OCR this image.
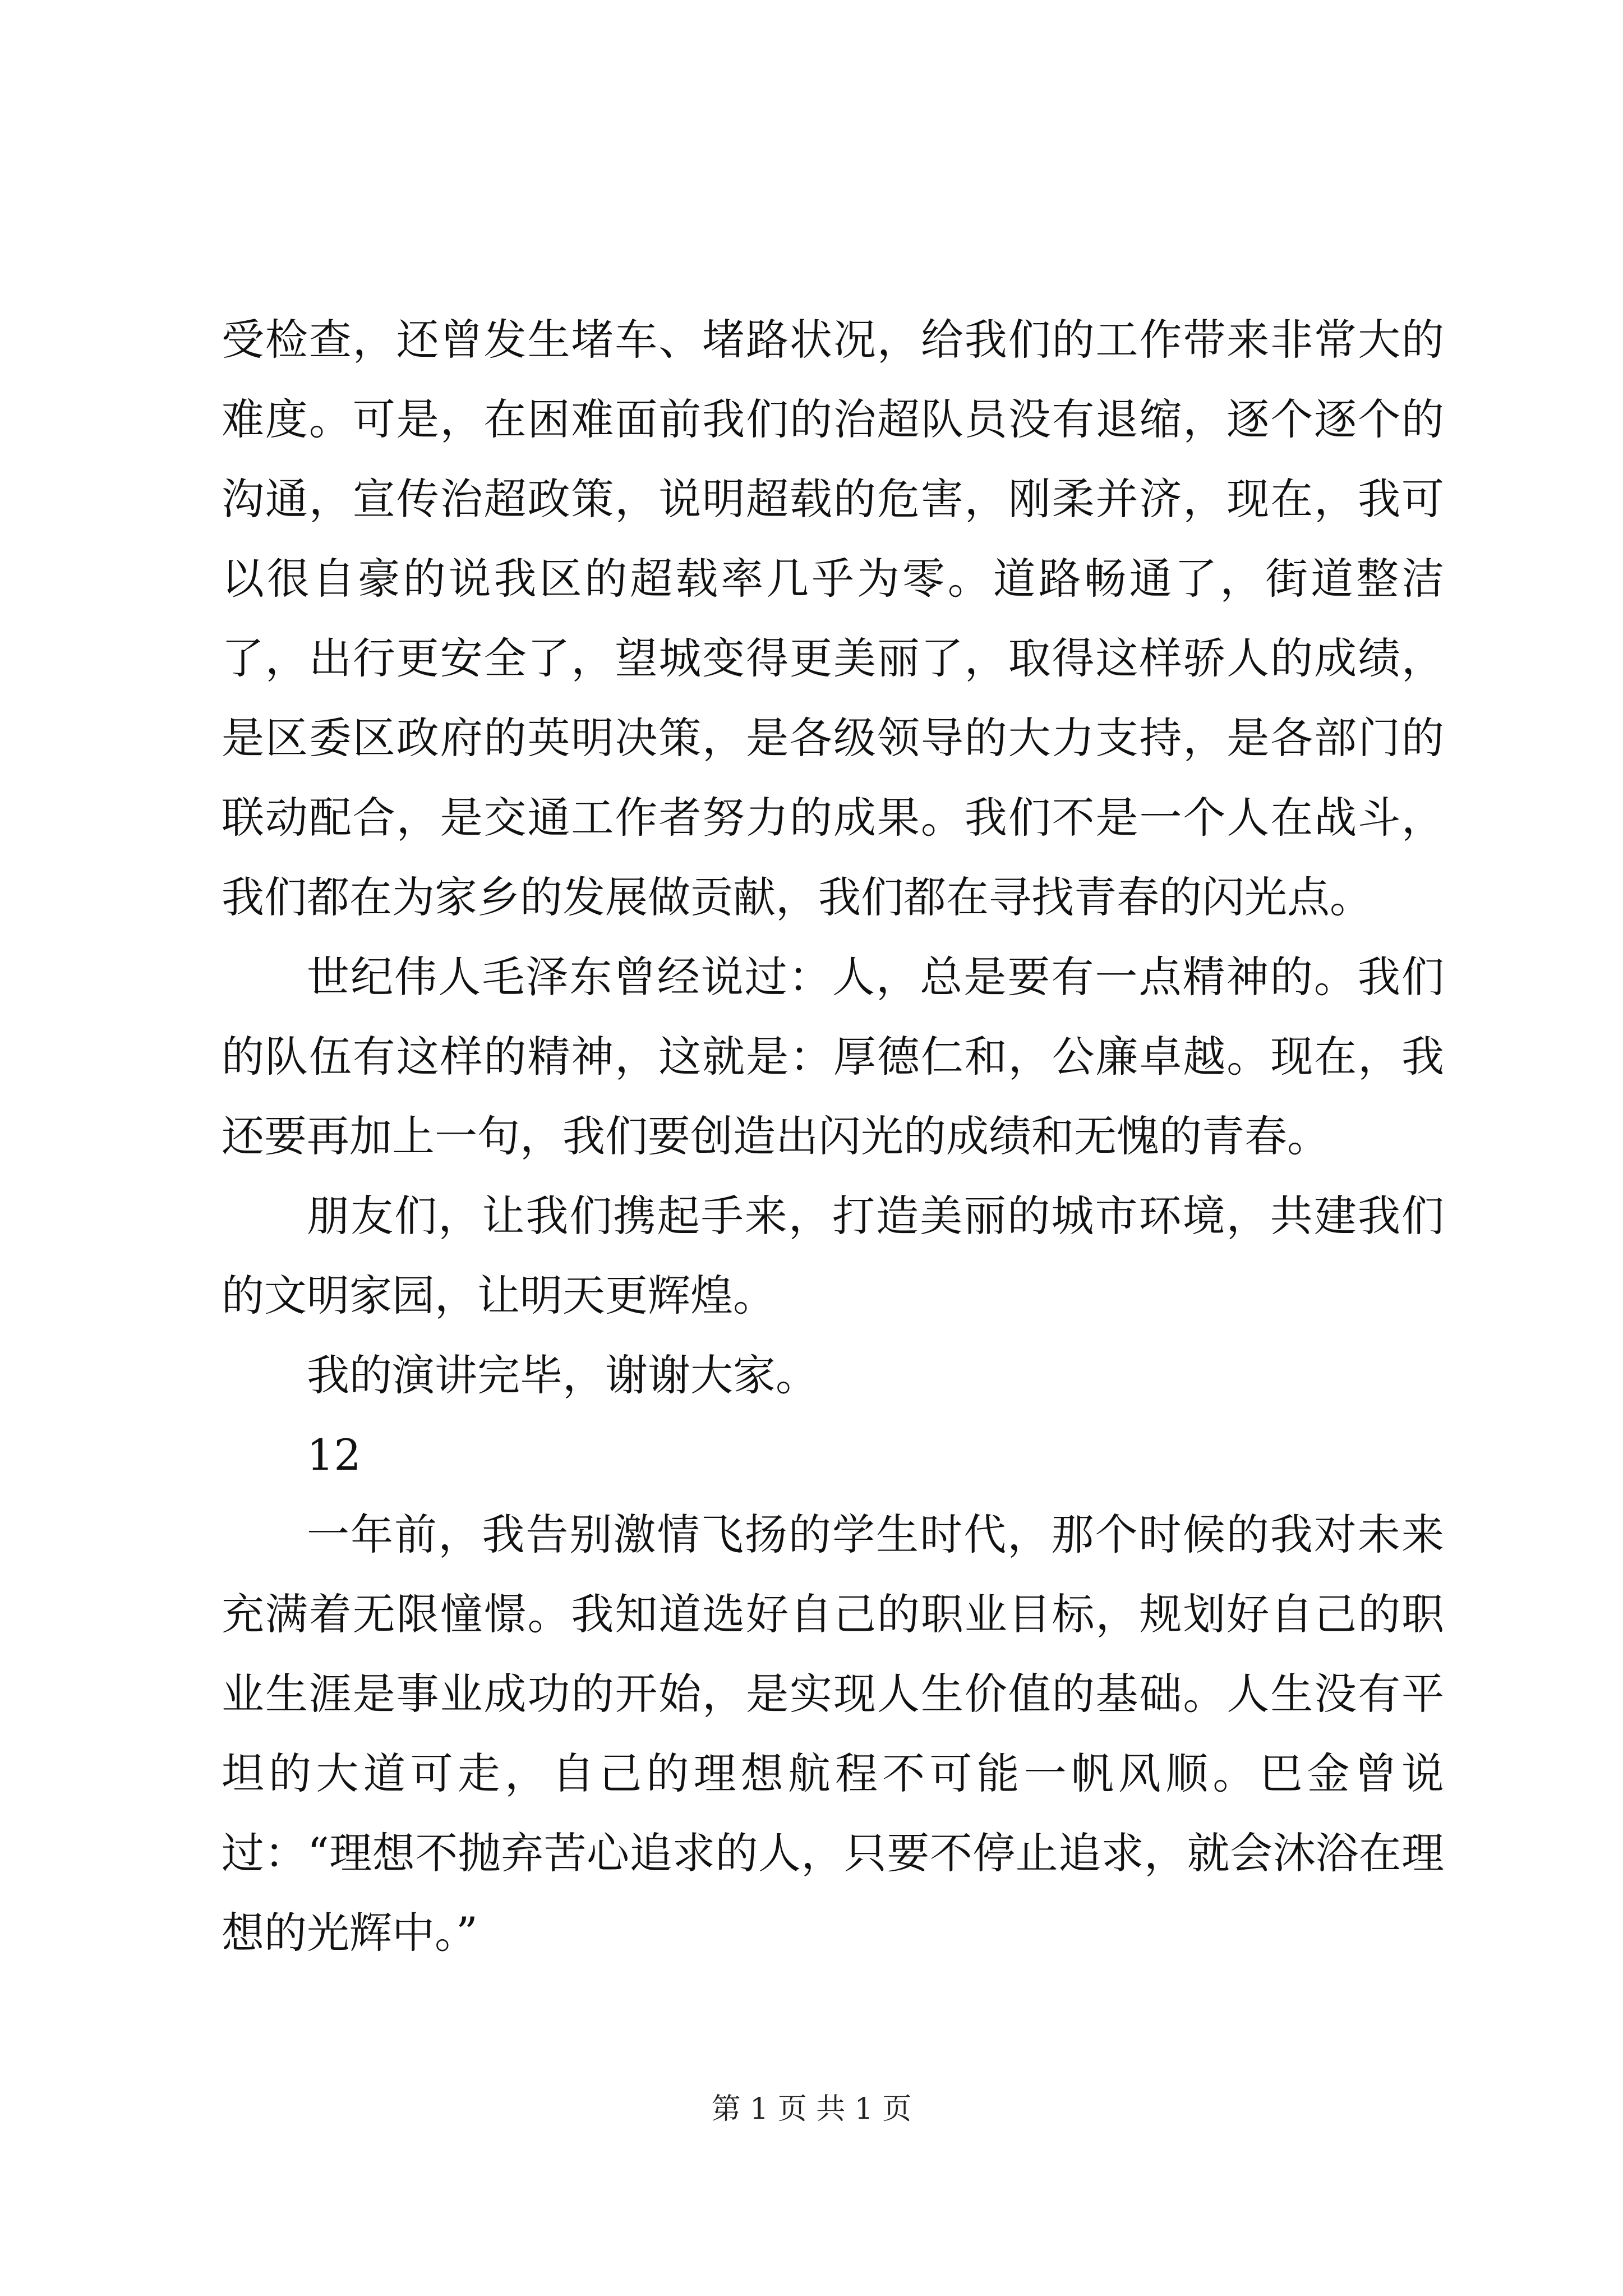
受检查，还曾发生堵车、堵路状况，给我们的工作带来非常大的难度。可是，在困难面前我们的治超队员没有退缩，逐个逐个的沟通，宣传治超政策，说明超载的危害，刚柔并济，现在，我可以很自豪的说我区的超载率几乎为零。道路畅通了，街道整洁了，出行更安全了，望城变得更美丽了，取得这样骄人的成绩，是区委区政府的英明决策，是各级领导的大力支持，是各部门的联动配合，是交通工作者努力的成果。我们不是一个人在战斗，我们都在为家乡的发展做贡献，我们都在寻找青春的闪光点。

世纪伟人毛泽东曾经说过：人，总是要有一点精神的。我们的队伍有这样的精神，这就是：厚德仁和，公廉卓越。现在，我还要再加上一句，我们要创造出闪光的成绩和无愧的青春。

朋友们，让我们携起手来，打造美丽的城市环境，共建我们的文明家园，让明天更辉煌。

我的演讲完毕，谢谢大家。

12

一年前，我告别激情飞扬的学生时代，那个时候的我对未来充满着无限憧憬。我知道选好自己的职业目标，规划好自己的职业生涯是事业成功的开始，是实现人生价值的基础。人生没有平坦的大道可走，自己的理想航程不可能一帆风顺。巴金曾说过：“理想不抛弃苦心追求的人，只要不停止追求，就会沐浴在理想的光辉中。”

第 1 页 共 1 页
